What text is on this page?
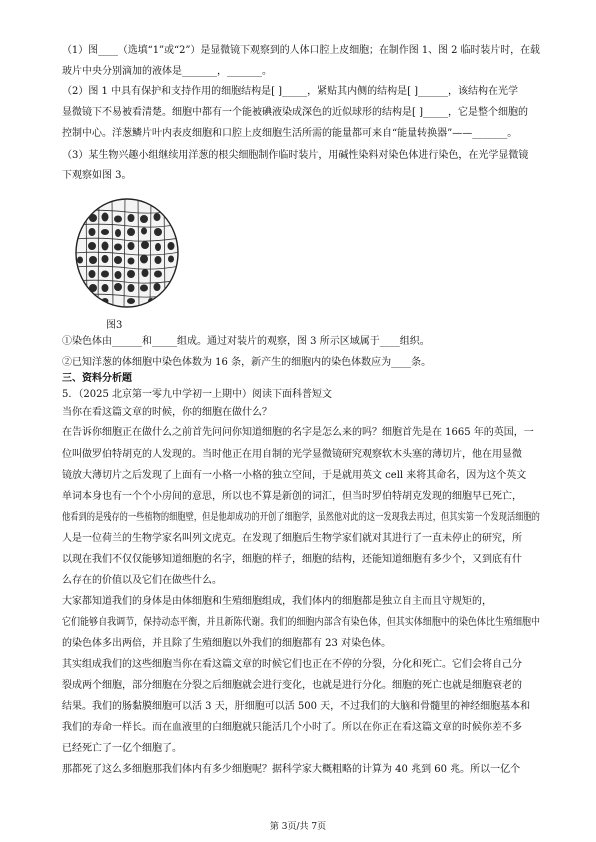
（1）图____（选填“1”或“2”）是显微镜下观察到的人体口腔上皮细胞；在制作图 1、图 2 临时装片时，在载
玻片中央分别滴加的液体是_______，_______。
（2）图 1 中具有保护和支持作用的细胞结构是[ ]_____，紧贴其内侧的结构是[ ]______，该结构在光学
显微镜下不易被看清楚。细胞中都有一个能被碘液染成深色的近似球形的结构是[ ]_____，它是整个细胞的
控制中心。洋葱鳞片叶内表皮细胞和口腔上皮细胞生活所需的能量都可来自“能量转换器”——_______。
（3）某生物兴趣小组继续用洋葱的根尖细胞制作临时装片，用碱性染料对染色体进行染色，在光学显微镜
下观察如图 3。
图3
①染色体由______和_____组成。通过对装片的观察，图 3 所示区域属于____组织。
②已知洋葱的体细胞中染色体数为 16 条，新产生的细胞内的染色体数应为____条。
三、资料分析题
5．（2025 北京第一零九中学初一上期中）阅读下面科普短文
当你在看这篇文章的时候，你的细胞在做什么？
在告诉你细胞正在做什么之前首先问问你知道细胞的名字是怎么来的吗？细胞首先是在 1665 年的英国，一
位叫做罗伯特胡克的人发现的。当时他正在用自制的光学显微镜研究观察软木头塞的薄切片，他在用显微
镜放大薄切片之后发现了上面有一小格一小格的独立空间，于是就用英文 cell 来将其命名，因为这个英文
单词本身也有一个个小房间的意思，所以也不算是新创的词汇，但当时罗伯特胡克发现的细胞早已死亡，
他看到的是残存的一些植物的细胞壁，但是他却成功的开创了细胞学，虽然他对此的这一发现我去再过，但其实第一个发现活细胞的
人是一位荷兰的生物学家名叫列文虎克。在发现了细胞后生物学家们就对其进行了一直未停止的研究，所
以现在我们不仅仅能够知道细胞的名字，细胞的样子，细胞的结构，还能知道细胞有多少个，又到底有什
么存在的价值以及它们在做些什么。
大家都知道我们的身体是由体细胞和生殖细胞组成，我们体内的细胞都是独立自主而且守规矩的，
它们能够自我调节，保持动态平衡，并且新陈代谢。我们的细胞内部含有染色体，但其实体细胞中的染色体比生殖细胞中
的染色体多出两倍，并且除了生殖细胞以外我们的细胞都有 23 对染色体。
其实组成我们的这些细胞当你在看这篇文章的时候它们也正在不停的分裂，分化和死亡。它们会将自己分
裂成两个细胞，部分细胞在分裂之后细胞就会进行变化，也就是进行分化。细胞的死亡也就是细胞衰老的
结果。我们的肠黏膜细胞可以活 3 天，肝细胞可以活 500 天，不过我们的大脑和骨髓里的神经细胞基本和
我们的寿命一样长。而在血液里的白细胞就只能活几个小时了。所以在你正在看这篇文章的时候你差不多
已经死亡了一亿个细胞了。
那都死了这么多细胞那我们体内有多少细胞呢？据科学家大概粗略的计算为 40 兆到 60 兆。所以一亿个
第 3页/共 7页
